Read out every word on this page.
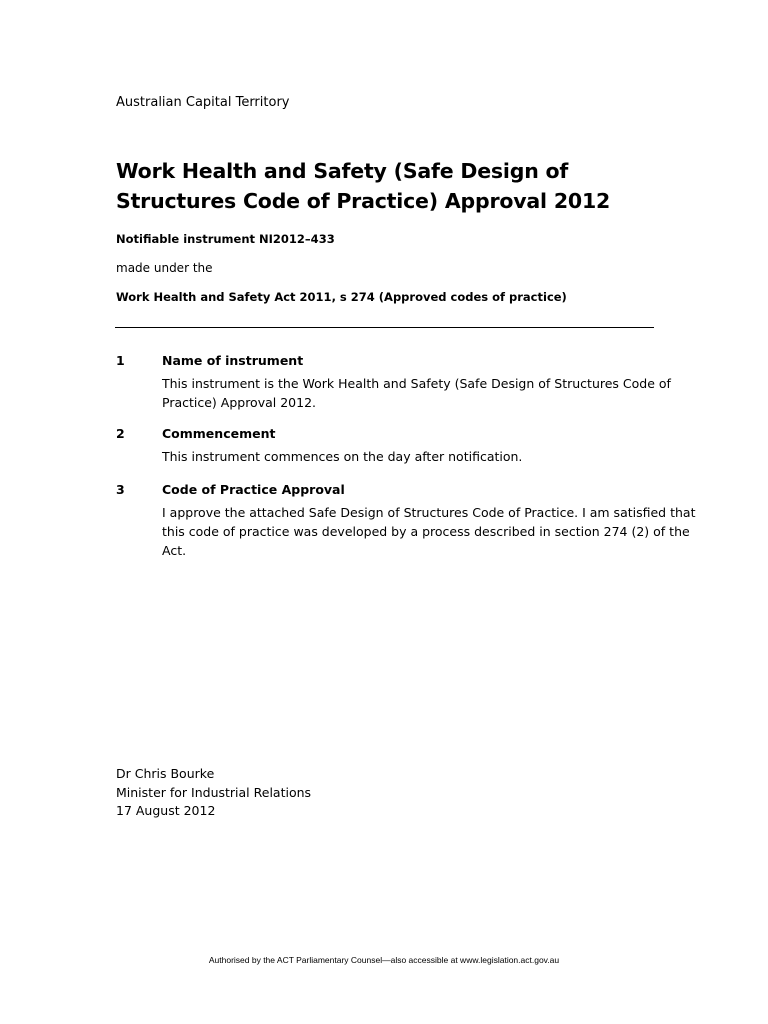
Australian Capital Territory
Work Health and Safety (Safe Design of
Structures Code of Practice) Approval 2012
Notifiable instrument NI2012–433
made under the
Work Health and Safety Act 2011, s 274 (Approved codes of practice)
1	Name of instrument
This instrument is the Work Health and Safety (Safe Design of Structures Code of
Practice) Approval 2012.
2	Commencement
This instrument commences on the day after notification.
3	Code of Practice Approval
I approve the attached Safe Design of Structures Code of Practice. I am satisfied that
this code of practice was developed by a process described in section 274 (2) of the
Act.
Dr Chris Bourke
Minister for Industrial Relations
17 August 2012
Authorised by the ACT Parliamentary Counsel—also accessible at www.legislation.act.gov.au
